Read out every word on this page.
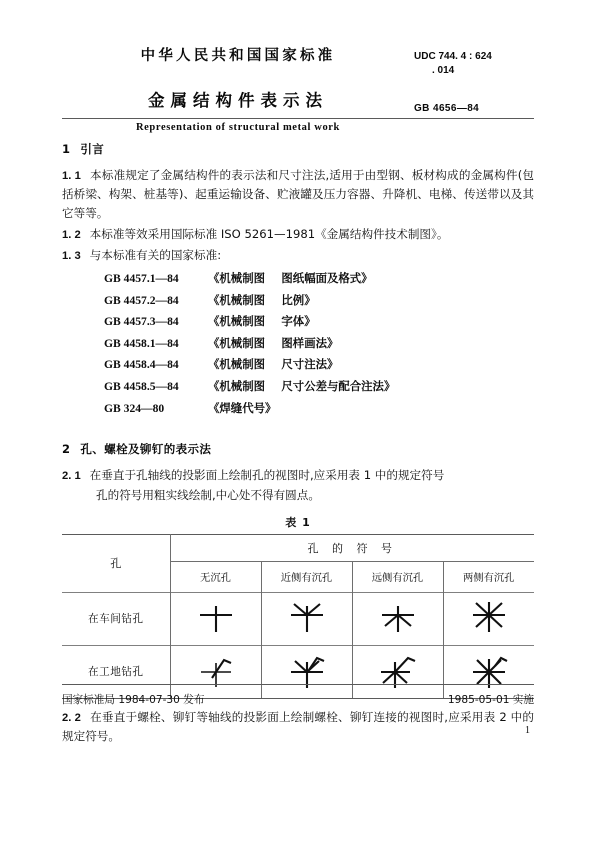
中华人民共和国国家标准
金属结构件表示法
Representation of structural metal work
UDC 744. 4 : 624
. 014
GB 4656—84
1 引言
1. 1 本标准规定了金属结构件的表示法和尺寸注法,适用于由型钢、板材构成的金属构件(包括桥梁、构架、桩基等)、起重运输设备、贮液罐及压力容器、升降机、电梯、传送带以及其它等等。
1. 2 本标准等效采用国际标准 ISO 5261—1981《金属结构件技术制图》。
1. 3 与本标准有关的国家标准:
GB 4457.1—84	《机械制图 图纸幅面及格式》
GB 4457.2—84	《机械制图 比例》
GB 4457.3—84	《机械制图 字体》
GB 4458.1—84	《机械制图 图样画法》
GB 4458.4—84	《机械制图 尺寸注法》
GB 4458.5—84	《机械制图 尺寸公差与配合注法》
GB 324—80	《焊缝代号》
2 孔、螺栓及铆钉的表示法
2. 1 在垂直于孔轴线的投影面上绘制孔的视图时,应采用表 1 中的规定符号
孔的符号用粗实线绘制,中心处不得有圆点。
表 1
孔	孔 的 符 号			
	无沉孔	近侧有沉孔	远侧有沉孔	两侧有沉孔
在车间钻孔	

在工地钻孔	

2. 2 在垂直于螺栓、铆钉等轴线的投影面上绘制螺栓、铆钉连接的视图时,应采用表 2 中的规定符号。
国家标准局 1984-07-30 发布	1985-05-01 实施
1
